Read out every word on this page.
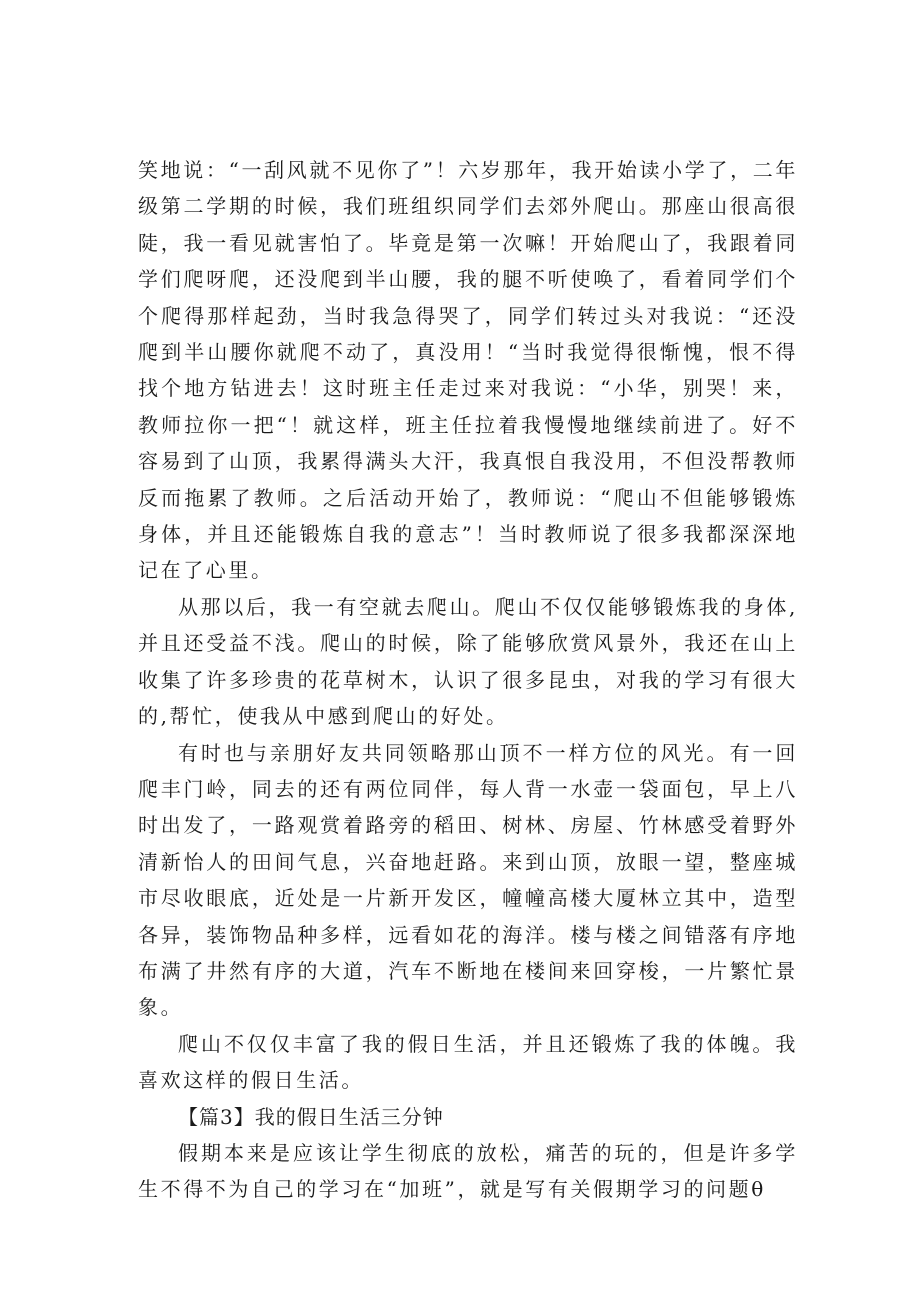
笑地说：“一刮风就不见你了”！六岁那年，我开始读小学了，二年级第二学期的时候，我们班组织同学们去郊外爬山。那座山很高很陡，我一看见就害怕了。毕竟是第一次嘛！开始爬山了，我跟着同学们爬呀爬，还没爬到半山腰，我的腿不听使唤了，看着同学们个个爬得那样起劲，当时我急得哭了，同学们转过头对我说：“还没爬到半山腰你就爬不动了，真没用！“当时我觉得很惭愧，恨不得找个地方钻进去！这时班主任走过来对我说：“小华，别哭！来，教师拉你一把“！就这样，班主任拉着我慢慢地继续前进了。好不容易到了山顶，我累得满头大汗，我真恨自我没用，不但没帮教师反而拖累了教师。之后活动开始了，教师说：“爬山不但能够锻炼身体，并且还能锻炼自我的意志”！当时教师说了很多我都深深地记在了心里。

从那以后，我一有空就去爬山。爬山不仅仅能够锻炼我的身体,并且还受益不浅。爬山的时候，除了能够欣赏风景外，我还在山上收集了许多珍贵的花草树木，认识了很多昆虫，对我的学习有很大的,帮忙，使我从中感到爬山的好处。

有时也与亲朋好友共同领略那山顶不一样方位的风光。有一回爬丰门岭，同去的还有两位同伴，每人背一水壶一袋面包，早上八时出发了，一路观赏着路旁的稻田、树林、房屋、竹林感受着野外清新怡人的田间气息，兴奋地赶路。来到山顶，放眼一望，整座城市尽收眼底，近处是一片新开发区，幢幢高楼大厦林立其中，造型各异，装饰物品种多样，远看如花的海洋。楼与楼之间错落有序地布满了井然有序的大道，汽车不断地在楼间来回穿梭，一片繁忙景象。

爬山不仅仅丰富了我的假日生活，并且还锻炼了我的体魄。我喜欢这样的假日生活。

【篇3】我的假日生活三分钟

假期本来是应该让学生彻底的放松，痛苦的玩的，但是许多学生不得不为自己的学习在“加班”，就是写有关假期学习的问题θ
